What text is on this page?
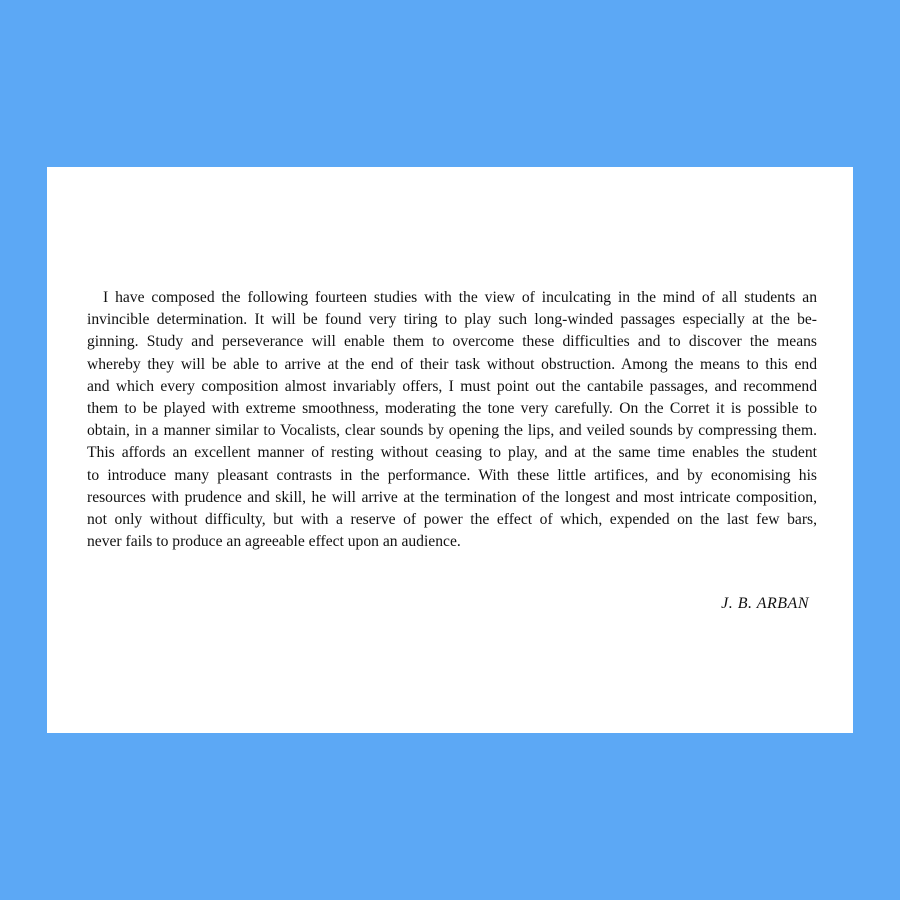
I have composed the following fourteen studies with the view of inculcating in the mind of all students an
invincible determination. It will be found very tiring to play such long-winded passages especially at the be-
ginning. Study and perseverance will enable them to overcome these difficulties and to discover the means
whereby they will be able to arrive at the end of their task without obstruction. Among the means to this end
and which every composition almost invariably offers, I must point out the cantabile passages, and recommend
them to be played with extreme smoothness, moderating the tone very carefully. On the Corret it is possible to
obtain, in a manner similar to Vocalists, clear sounds by opening the lips, and veiled sounds by compressing them.
This affords an excellent manner of resting without ceasing to play, and at the same time enables the student
to introduce many pleasant contrasts in the performance. With these little artifices, and by economising his
resources with prudence and skill, he will arrive at the termination of the longest and most intricate composition,
not only without difficulty, but with a reserve of power the effect of which, expended on the last few bars,
never fails to produce an agreeable effect upon an audience.
J. B. ARBAN
